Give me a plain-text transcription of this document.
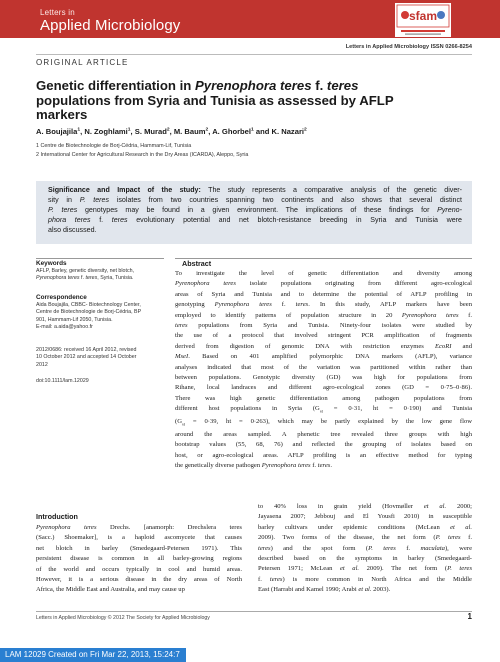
Letters in
Applied Microbiology
sfam
Letters in Applied Microbiology ISSN 0266-8254
ORIGINAL ARTICLE
Genetic differentiation in Pyrenophora teres f. teres
populations from Syria and Tunisia as assessed by AFLP
markers
A. Boujajila$^1$, N. Zoghlami$^1$, S. Murad$^2$, M. Baum$^2$, A. Ghorbel$^1$ and K. Nazari$^2$
1 Centre de Biotechnologie de Borj-Cédria, Hammam-Lif, Tunisia
2 International Center for Agricultural Research in the Dry Areas (ICARDA), Aleppo, Syria
Significance and Impact of the study: The study represents a comparative analysis of the genetic diver-
sity in P. teres isolates from two countries spanning two continents and also shows that several distinct
P. teres genotypes may be found in a given environment. The implications of these findings for Pyreno-
phora teres f. teres evolutionary potential and net blotch-resistance breeding in Syria and Tunisia were
also discussed.
Keywords
AFLP, Barley, genetic diversity, net blotch,
Pyrenophora teres f. teres, Syria, Tunisia.
Correspondence
Aida Boujajila, CBBC- Biotechnology Center,
Centre de Biotechnologie de Borj-Cédria, BP
901, Hammam-Lif 2050, Tunisia.
E-mail: a.aida@yahoo.fr
2012/0686: received 16 April 2012, revised
10 October 2012 and accepted 14 October
2012
doi:10.1111/lam.12029
Abstract
To investigate the level of genetic differentiation and diversity among
Pyrenophora teres isolate populations originating from different agro-ecological
areas of Syria and Tunisia and to determine the potential of AFLP profiling in
genotyping Pyrenophora teres f. teres. In this study, AFLP markers have been
employed to identify patterns of population structure in 20 Pyrenophora teres f.
teres populations from Syria and Tunisia. Ninety-four isolates were studied by
the use of a protocol that involved stringent PCR amplification of fragments
derived from digestion of genomic DNA with restriction enzymes EcoRI and
MseI. Based on 401 amplified polymorphic DNA markers (AFLP), variance
analyses indicated that most of the variation was partitioned within rather than
between populations. Genotypic diversity (GD) was high for populations from
Rihane, local landraces and different agro-ecological zones (GD = 0·75–0·86).
There was high genetic differentiation among pathogen populations from
different host populations in Syria ($G_{st} = 0\cdot 31$, ht = 0·190) and Tunisia
($G_{st} = 0\cdot 39$, ht = 0·263), which may be partly explained by the low gene flow
around the areas sampled. A phenetic tree revealed three groups with high
bootstrap values (55, 68, 76) and reflected the grouping of isolates based on
host, or agro-ecological areas. AFLP profiling is an effective method for typing
the genetically diverse pathogen Pyrenophora teres f. teres.
Introduction
Pyrenophora teres Drechs. [anamorph: Drechslera teres
(Sacc.) Shoemaker], is a haploid ascomycete that causes
net blotch in barley (Smedegaard-Petersen 1971). This
persistent disease is common in all barley-growing regions
of the world and occurs typically in cool and humid areas.
However, it is a serious disease in the dry areas of North
Africa, the Middle East and Australia, and may cause up
to 40% loss in grain yield (Hovmøller et al. 2000;
Jayasena 2007; Jebbouj and El Yousfi 2010) in susceptible
barley cultivars under epidemic conditions (McLean et al.
2009). Two forms of the disease, the net form (P. teres f.
teres) and the spot form (P. teres f. maculata), were
described based on the symptoms in barley (Smedegaard-
Petersen 1971; McLean et al. 2009). The net form (P. teres
f. teres) is more common in North Africa and the Middle
East (Harrabi and Kamel 1990; Arabi et al. 2003).
Letters in Applied Microbiology © 2012 The Society for Applied Microbiology	1
LAM 12029 Created on Fri Mar 22, 2013, 15:24:7
